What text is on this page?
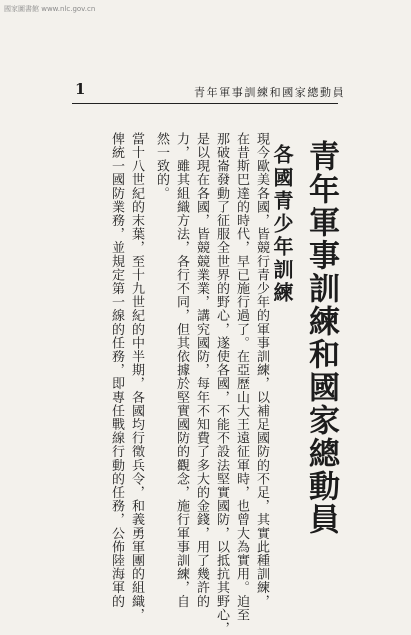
國家圖書館 www.nlc.gov.cn
1	青年軍事訓練和國家總動員
青年軍事訓練和國家總動員
各國青少年訓練
現今歐美各國，皆競行青少年的軍事訓練，以補足國防的不足，其實此種訓練，
在昔斯巴達的時代，早已施行過了。在亞歷山大王遠征軍時，也曾大為實用。迫至
那破崙發動了征服全世界的野心，遂使各國，不能不設法堅實國防，以抵抗其野心，
是以現在各國，皆競競業業，講究國防，每年不知費了多大的金錢，用了幾許的
力，雖其組織方法，各行不同，但其依據於堅實國防的觀念，施行軍事訓練，自
然一致的。
當十八世紀的末葉，至十九世紀的中半期，各國均行徵兵令，和義勇軍團的組織，
俾統一國防業務，並規定第一線的任務，即專任戰線行動的任務，公佈陸海軍的
